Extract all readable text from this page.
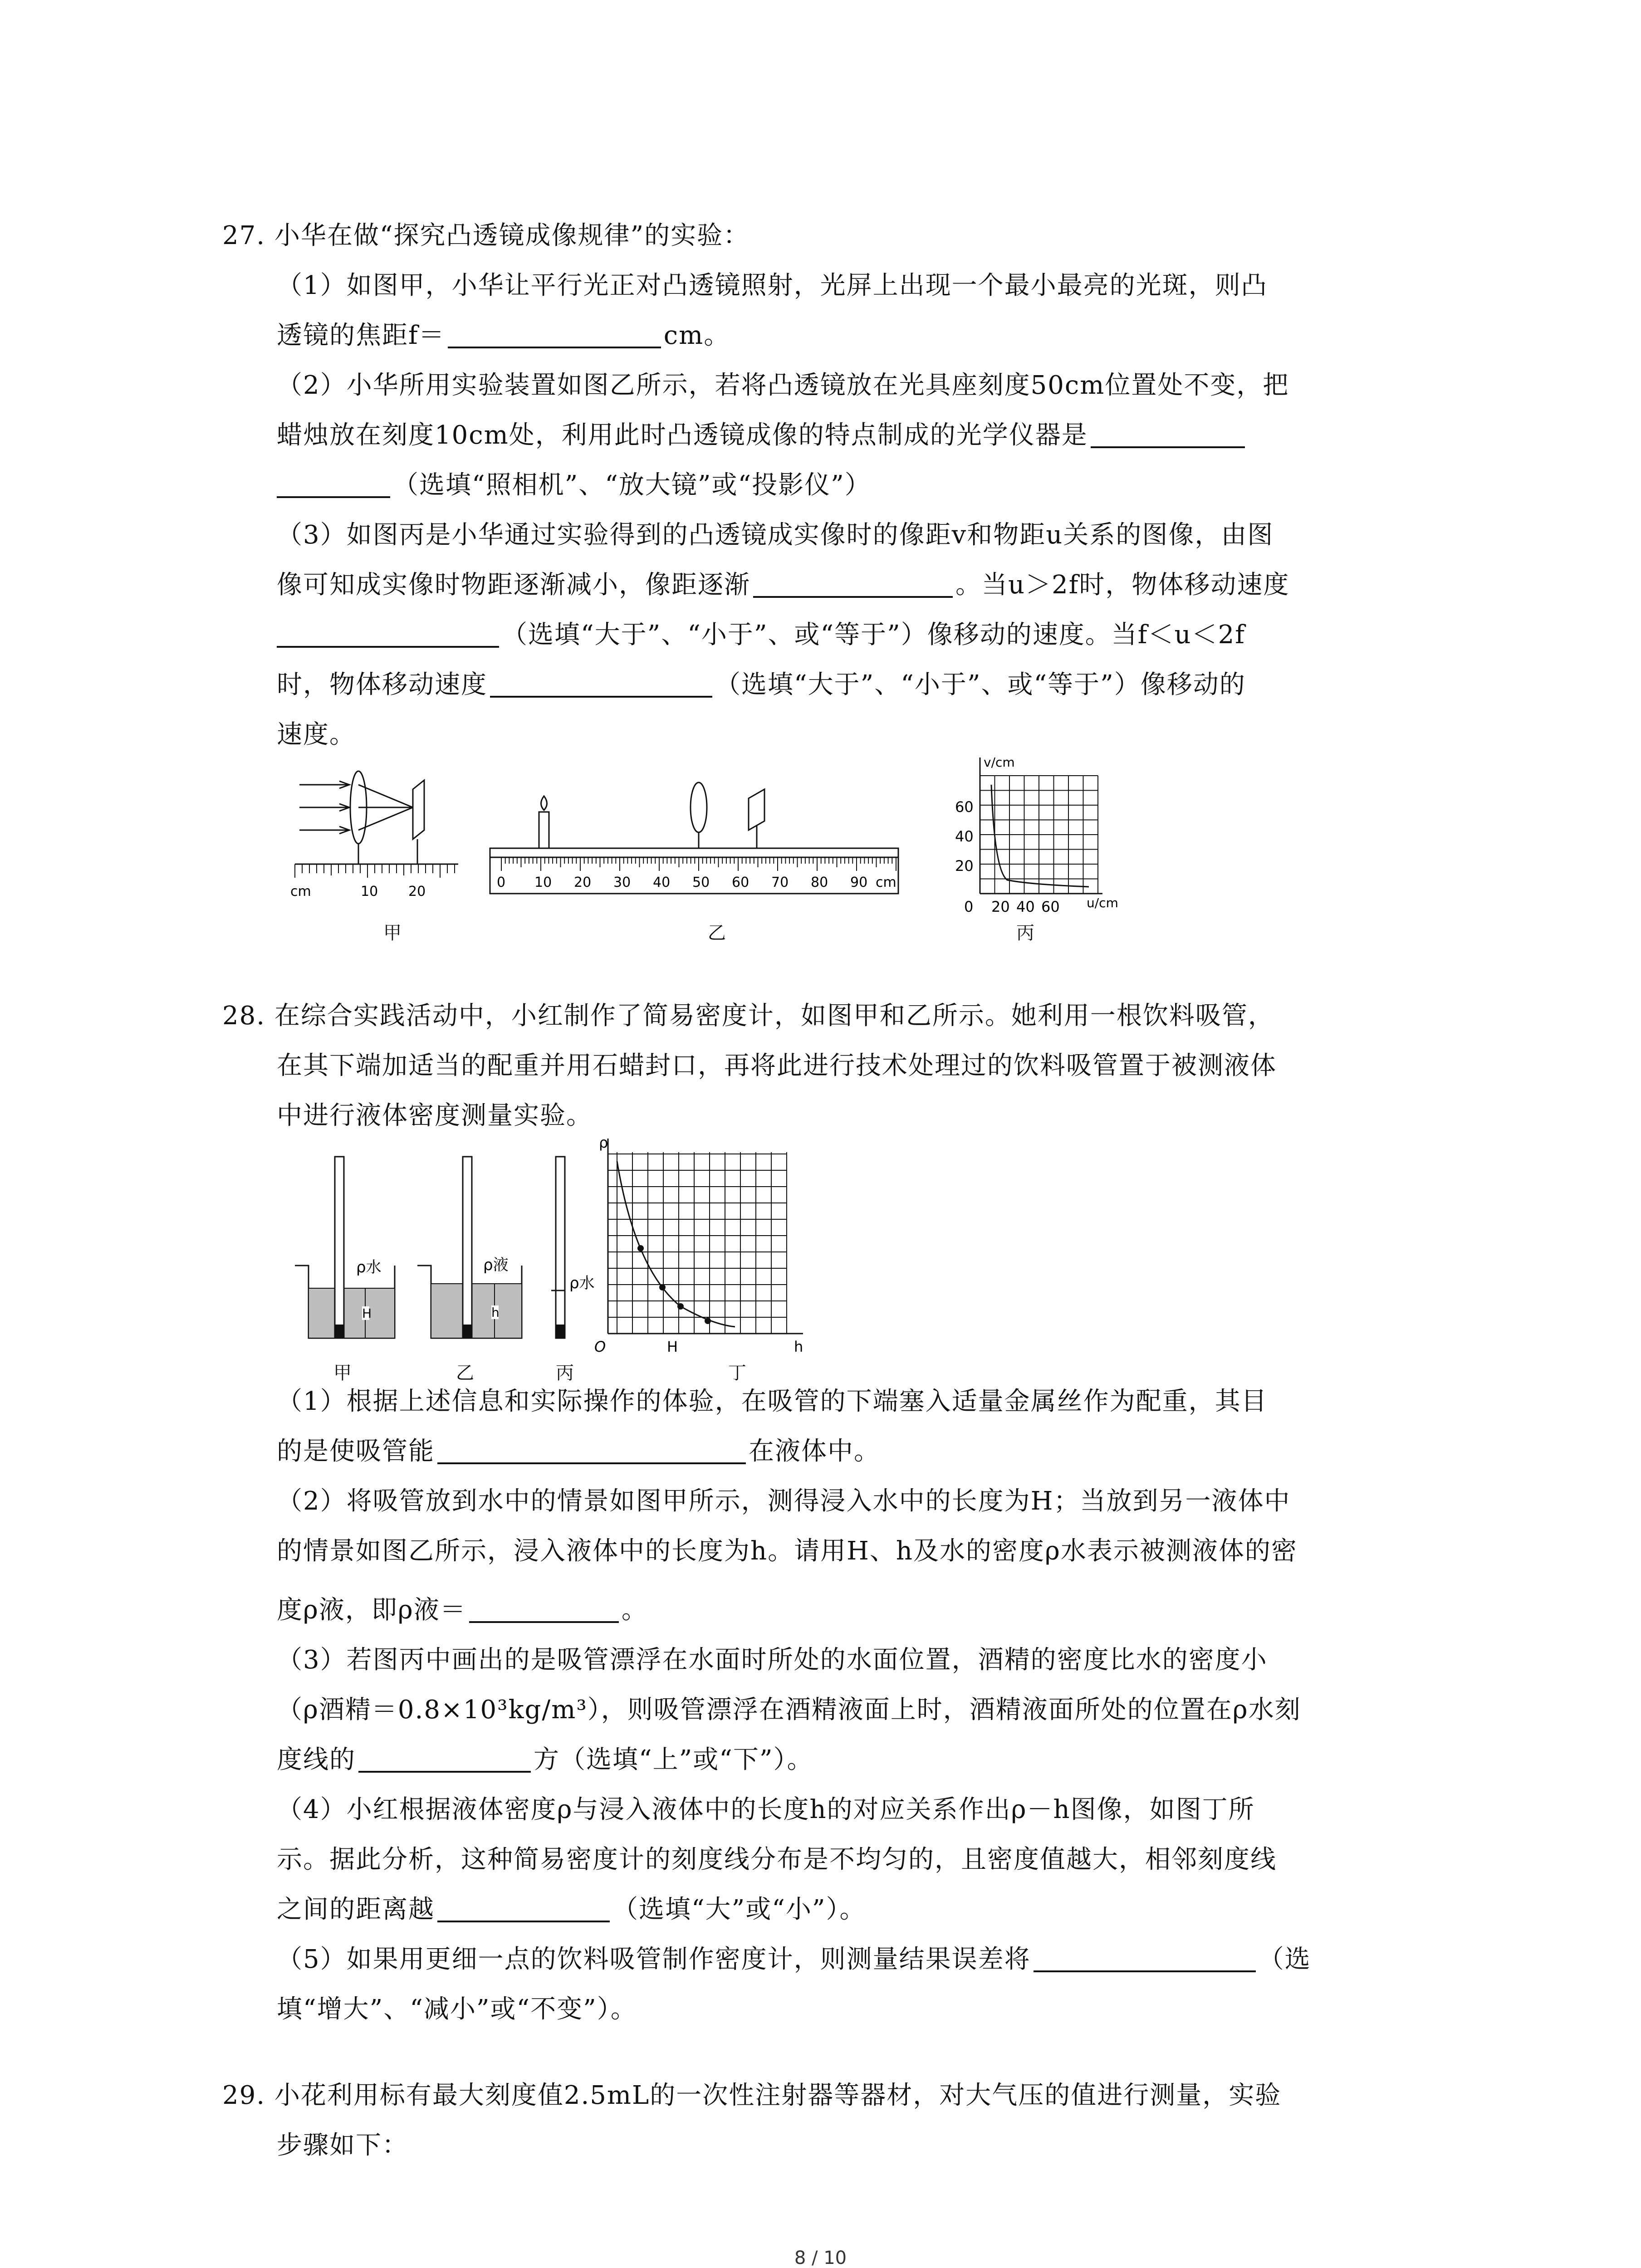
27. 小华在做“探究凸透镜成像规律”的实验：
（1）如图甲，小华让平行光正对凸透镜照射，光屏上出现一个最小最亮的光斑，则凸
透镜的焦距f＝	cm。
（2）小华所用实验装置如图乙所示，若将凸透镜放在光具座刻度50cm位置处不变，把
蜡烛放在刻度10cm处，利用此时凸透镜成像的特点制成的光学仪器是
（选填“照相机”、“放大镜”或“投影仪”）
（3）如图丙是小华通过实验得到的凸透镜成实像时的像距v和物距u关系的图像，由图
像可知成实像时物距逐渐减小，像距逐渐	。当u＞2f时，物体移动速度
（选填“大于”、“小于”、或“等于”）像移动的速度。当f＜u＜2f
时，物体移动速度	（选填“大于”、“小于”、或“等于”）像移动的
速度。
cm	10 20
甲
0 10 20 30 40 50 60 70 80 90 cm
乙
v/cm
60
40
20
0 20 40 60 u/cm
丙
28. 在综合实践活动中，小红制作了简易密度计，如图甲和乙所示。她利用一根饮料吸管，
在其下端加适当的配重并用石蜡封口，再将此进行技术处理过的饮料吸管置于被测液体
中进行液体密度测量实验。
ρ水
H
ρ液
h
ρ水
ρ
O	H	h
甲	乙	丙	丁
（1）根据上述信息和实际操作的体验，在吸管的下端塞入适量金属丝作为配重，其目
的是使吸管能	在液体中。
（2）将吸管放到水中的情景如图甲所示，测得浸入水中的长度为H；当放到另一液体中
的情景如图乙所示，浸入液体中的长度为h。请用H、h及水的密度ρ水表示被测液体的密
度ρ液，即ρ液＝	。
（3）若图丙中画出的是吸管漂浮在水面时所处的水面位置，酒精的密度比水的密度小
（ρ酒精＝0.8×10³kg/m³），则吸管漂浮在酒精液面上时，酒精液面所处的位置在ρ水刻
度线的	方（选填“上”或“下”）。
（4）小红根据液体密度ρ与浸入液体中的长度h的对应关系作出ρ－h图像，如图丁所
示。据此分析，这种简易密度计的刻度线分布是不均匀的，且密度值越大，相邻刻度线
之间的距离越	（选填“大”或“小”）。
（5）如果用更细一点的饮料吸管制作密度计，则测量结果误差将	（选
填“增大”、“减小”或“不变”）。
29. 小花利用标有最大刻度值2.5mL的一次性注射器等器材，对大气压的值进行测量，实验
步骤如下：
8 / 10
